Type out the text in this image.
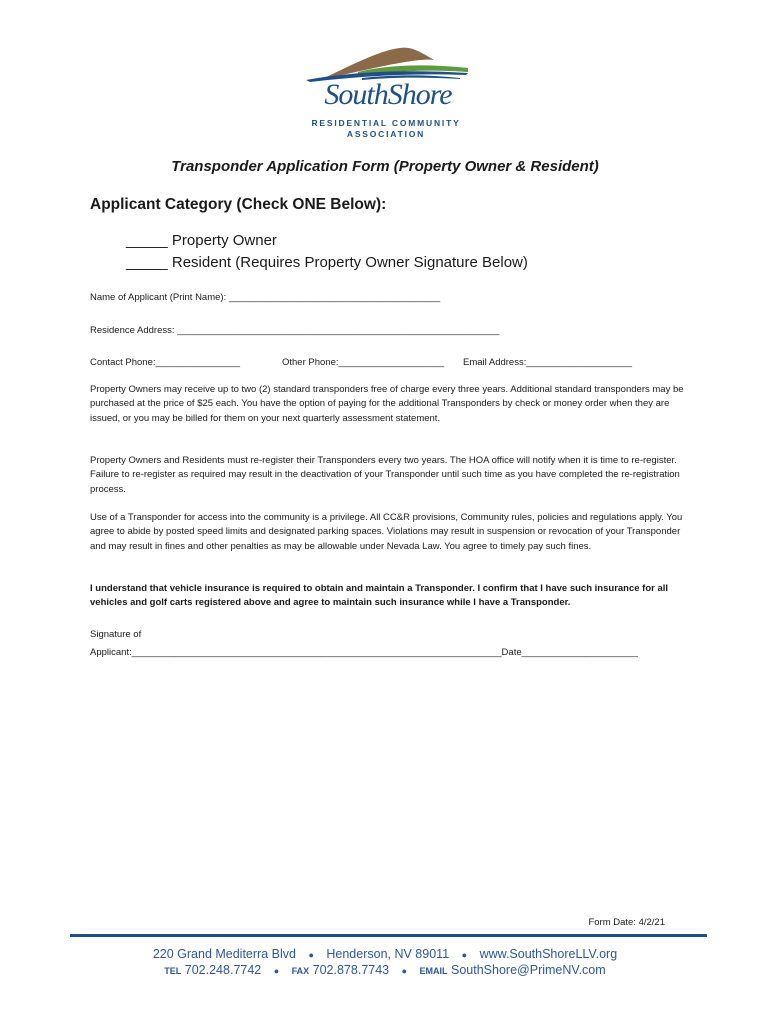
SouthShore
RESIDENTIAL COMMUNITY
ASSOCIATION
Transponder Application Form (Property Owner & Resident)
Applicant Category (Check ONE Below):
_____ Property Owner
_____ Resident (Requires Property Owner Signature Below)
Name of Applicant (Print Name): ________________________________________
Residence Address: _____________________________________________________________
Contact Phone:________________	Other Phone:____________________ Email Address:____________________

Property Owners may receive up to two (2) standard transponders free of charge every three years. Additional standard transponders may be purchased at the price of $25 each. You have the option of paying for the additional Transponders by check or money order when they are issued, or you may be billed for them on your next quarterly assessment statement.

Property Owners and Residents must re-register their Transponders every two years. The HOA office will notify when it is time to re-register. Failure to re-register as required may result in the deactivation of your Transponder until such time as you have completed the re-registration process.

Use of a Transponder for access into the community is a privilege. All CC&R provisions, Community rules, policies and regulations apply. You agree to abide by posted speed limits and designated parking spaces. Violations may result in suspension or revocation of your Transponder and may result in fines and other penalties as may be allowable under Nevada Law. You agree to timely pay such fines.

I understand that vehicle insurance is required to obtain and maintain a Transponder. I confirm that I have such insurance for all vehicles and golf carts registered above and agree to maintain such insurance while I have a Transponder.

Signature of
Applicant:______________________________________________________________________Date______________________
Form Date: 4/2/21
220 Grand Mediterra Blvd ● Henderson, NV 89011 ● www.SouthShoreLLV.org
TEL 702.248.7742 ● FAX 702.878.7743 ● EMAIL SouthShore@PrimeNV.com
